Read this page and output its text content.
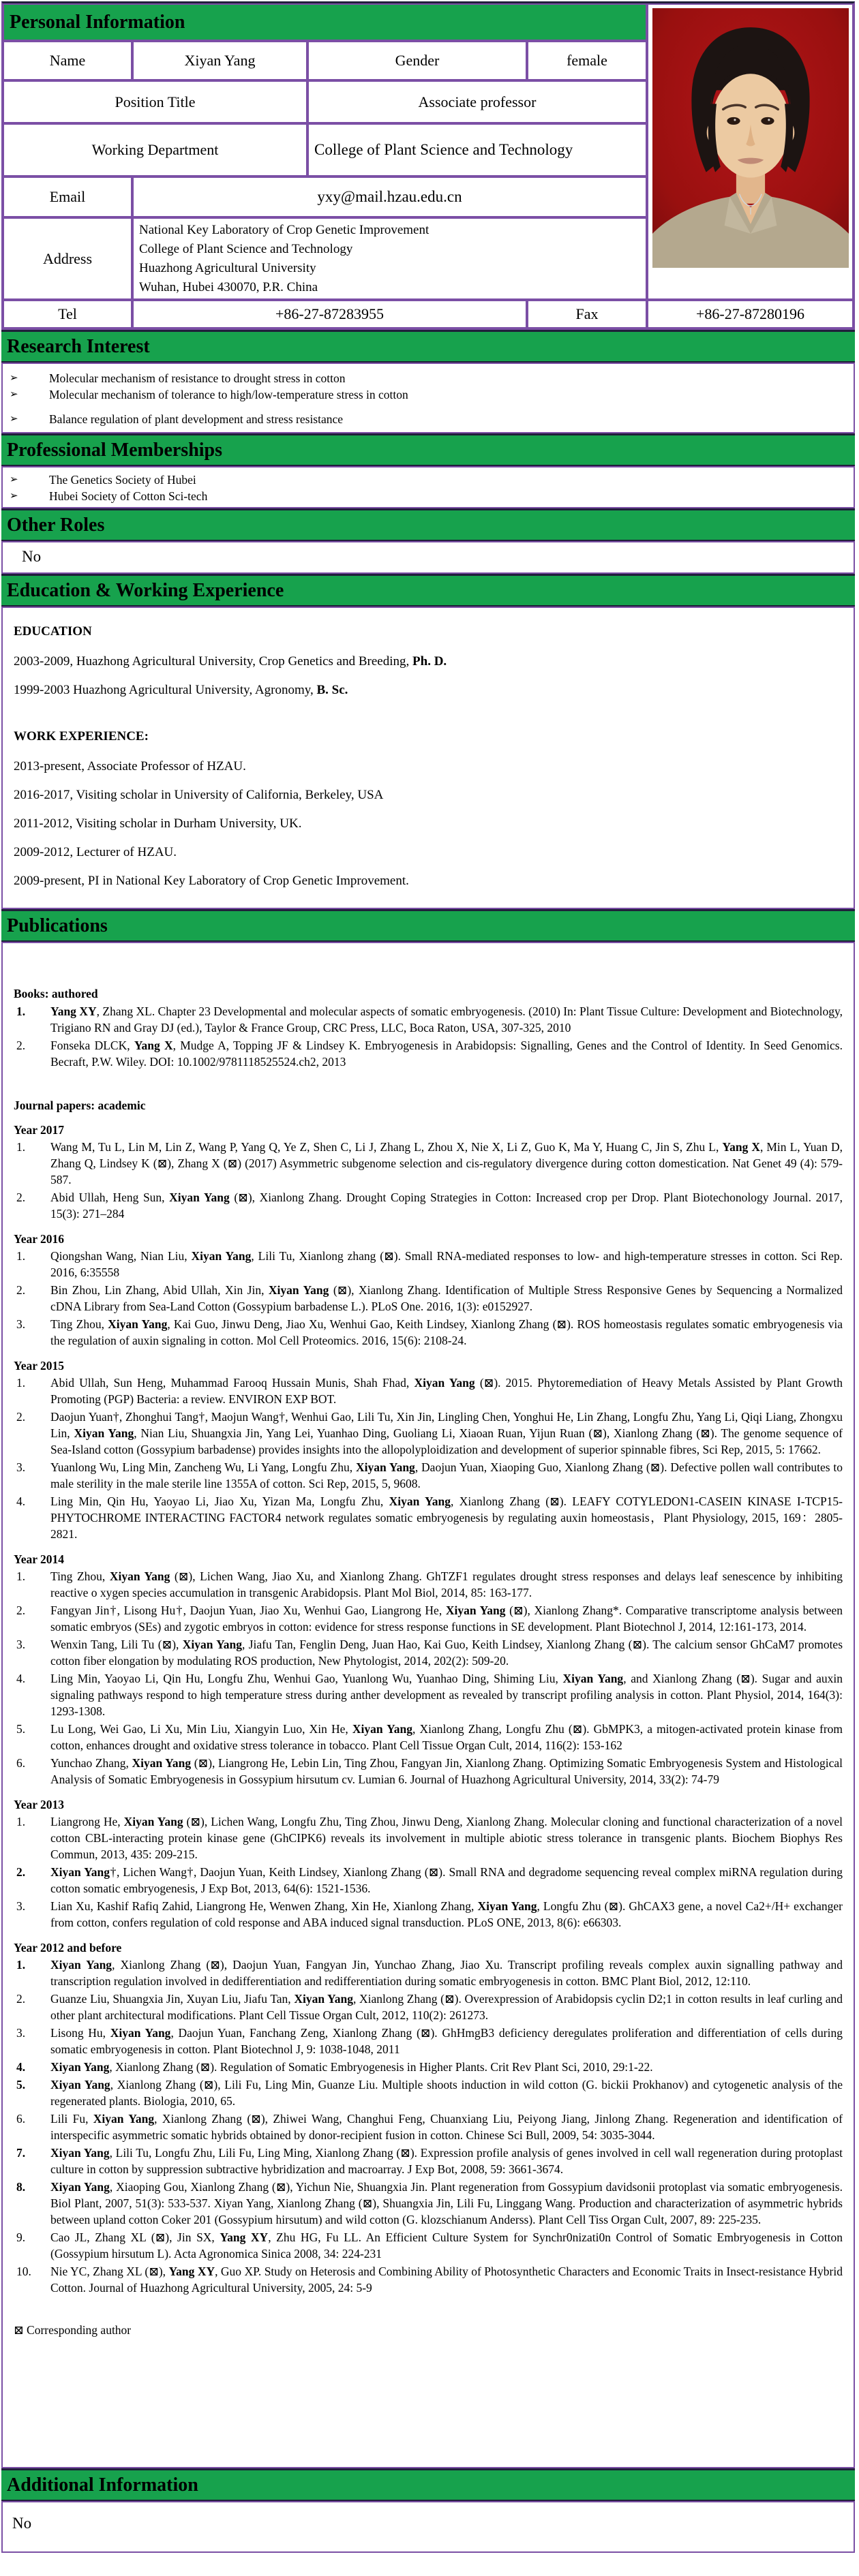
Personal Information
Name	Xiyan Yang	Gender	female
Position Title	Associate professor
Working Department	College of Plant Science and Technology
Email	yxy@mail.hzau.edu.cn
Address
National Key Laboratory of Crop Genetic Improvement
College of Plant Science and Technology
Huazhong Agricultural University
Wuhan, Hubei 430070, P.R. China
Tel	+86-27-87283955	Fax	+86-27-87280196
Research Interest
➢	Molecular mechanism of resistance to drought stress in cotton
➢	Molecular mechanism of tolerance to high/low-temperature stress in cotton
➢	Balance regulation of plant development and stress resistance
Professional Memberships
➢	The Genetics Society of Hubei
➢	Hubei Society of Cotton Sci-tech
Other Roles

No

Education & Working Experience

EDUCATION

2003-2009, Huazhong Agricultural University, Crop Genetics and Breeding, Ph. D.

1999-2003 Huazhong Agricultural University, Agronomy, B. Sc.

WORK EXPERIENCE:

2013-present, Associate Professor of HZAU.

2016-2017, Visiting scholar in University of California, Berkeley, USA

2011-2012, Visiting scholar in Durham University, UK.

2009-2012, Lecturer of HZAU.

2009-present, PI in National Key Laboratory of Crop Genetic Improvement.

Publications

Books: authored

1.	Yang XY, Zhang XL. Chapter 23 Developmental and molecular aspects of somatic embryogenesis. (2010) In: Plant Tissue Culture: Development and Biotechnology, Trigiano RN and Gray DJ (ed.), Taylor & France Group, CRC Press, LLC, Boca Raton, USA, 307-325, 2010
2.	Fonseka DLCK, Yang X, Mudge A, Topping JF & Lindsey K. Embryogenesis in Arabidopsis: Signalling, Genes and the Control of Identity. In Seed Genomics. Becraft, P.W. Wiley. DOI: 10.1002/9781118525524.ch2, 2013

Journal papers: academic

Year 2017

1.	Wang M, Tu L, Lin M, Lin Z, Wang P, Yang Q, Ye Z, Shen C, Li J, Zhang L, Zhou X, Nie X, Li Z, Guo K, Ma Y, Huang C, Jin S, Zhu L, Yang X, Min L, Yuan D, Zhang Q, Lindsey K (⊠), Zhang X (⊠) (2017) Asymmetric subgenome selection and cis-regulatory divergence during cotton domestication. Nat Genet 49 (4): 579-587.
2.	Abid Ullah, Heng Sun, Xiyan Yang (⊠), Xianlong Zhang. Drought Coping Strategies in Cotton: Increased crop per Drop. Plant Biotechonology Journal. 2017, 15(3): 271–284

Year 2016

1.	Qiongshan Wang, Nian Liu, Xiyan Yang, Lili Tu, Xianlong zhang (⊠). Small RNA-mediated responses to low- and high-temperature stresses in cotton. Sci Rep. 2016, 6:35558
2.	Bin Zhou, Lin Zhang, Abid Ullah, Xin Jin, Xiyan Yang (⊠), Xianlong Zhang. Identification of Multiple Stress Responsive Genes by Sequencing a Normalized cDNA Library from Sea-Land Cotton (Gossypium barbadense L.). PLoS One. 2016, 1(3): e0152927.
3.	Ting Zhou, Xiyan Yang, Kai Guo, Jinwu Deng, Jiao Xu, Wenhui Gao, Keith Lindsey, Xianlong Zhang (⊠). ROS homeostasis regulates somatic embryogenesis via the regulation of auxin signaling in cotton. Mol Cell Proteomics. 2016, 15(6): 2108-24.

Year 2015

1.	Abid Ullah, Sun Heng, Muhammad Farooq Hussain Munis, Shah Fhad, Xiyan Yang (⊠). 2015. Phytoremediation of Heavy Metals Assisted by Plant Growth Promoting (PGP) Bacteria: a review. ENVIRON EXP BOT.
2.	Daojun Yuan†, Zhonghui Tang†, Maojun Wang†, Wenhui Gao, Lili Tu, Xin Jin, Lingling Chen, Yonghui He, Lin Zhang, Longfu Zhu, Yang Li, Qiqi Liang, Zhongxu Lin, Xiyan Yang, Nian Liu, Shuangxia Jin, Yang Lei, Yuanhao Ding, Guoliang Li, Xiaoan Ruan, Yijun Ruan (⊠), Xianlong Zhang (⊠). The genome sequence of Sea-Island cotton (Gossypium barbadense) provides insights into the allopolyploidization and development of superior spinnable fibres, Sci Rep, 2015, 5: 17662.
3.	Yuanlong Wu, Ling Min, Zancheng Wu, Li Yang, Longfu Zhu, Xiyan Yang, Daojun Yuan, Xiaoping Guo, Xianlong Zhang (⊠). Defective pollen wall contributes to male sterility in the male sterile line 1355A of cotton. Sci Rep, 2015, 5, 9608.
4.	Ling Min, Qin Hu, Yaoyao Li, Jiao Xu, Yizan Ma, Longfu Zhu, Xiyan Yang, Xianlong Zhang (⊠). LEAFY COTYLEDON1-CASEIN KINASE I-TCP15-PHYTOCHROME INTERACTING FACTOR4 network regulates somatic embryogenesis by regulating auxin homeostasis，Plant Physiology, 2015, 169：2805-2821.

Year 2014

1.	Ting Zhou, Xiyan Yang (⊠), Lichen Wang, Jiao Xu, and Xianlong Zhang. GhTZF1 regulates drought stress responses and delays leaf senescence by inhibiting reactive o xygen species accumulation in transgenic Arabidopsis. Plant Mol Biol, 2014, 85: 163-177.
2.	Fangyan Jin†, Lisong Hu†, Daojun Yuan, Jiao Xu, Wenhui Gao, Liangrong He, Xiyan Yang (⊠), Xianlong Zhang*. Comparative transcriptome analysis between somatic embryos (SEs) and zygotic embryos in cotton: evidence for stress response functions in SE development. Plant Biotechnol J, 2014, 12:161-173, 2014.
3.	Wenxin Tang, Lili Tu (⊠), Xiyan Yang, Jiafu Tan, Fenglin Deng, Juan Hao, Kai Guo, Keith Lindsey, Xianlong Zhang (⊠). The calcium sensor GhCaM7 promotes cotton fiber elongation by modulating ROS production, New Phytologist, 2014, 202(2): 509-20.
4.	Ling Min, Yaoyao Li, Qin Hu, Longfu Zhu, Wenhui Gao, Yuanlong Wu, Yuanhao Ding, Shiming Liu, Xiyan Yang, and Xianlong Zhang (⊠). Sugar and auxin signaling pathways respond to high temperature stress during anther development as revealed by transcript profiling analysis in cotton. Plant Physiol, 2014, 164(3): 1293-1308.
5.	Lu Long, Wei Gao, Li Xu, Min Liu, Xiangyin Luo, Xin He, Xiyan Yang, Xianlong Zhang, Longfu Zhu (⊠). GbMPK3, a mitogen-activated protein kinase from cotton, enhances drought and oxidative stress tolerance in tobacco. Plant Cell Tissue Organ Cult, 2014, 116(2): 153-162
6.	Yunchao Zhang, Xiyan Yang (⊠), Liangrong He, Lebin Lin, Ting Zhou, Fangyan Jin, Xianlong Zhang. Optimizing Somatic Embryogenesis System and Histological Analysis of Somatic Embryogenesis in Gossypium hirsutum cv. Lumian 6. Journal of Huazhong Agricultural University, 2014, 33(2): 74-79

Year 2013

1.	Liangrong He, Xiyan Yang (⊠), Lichen Wang, Longfu Zhu, Ting Zhou, Jinwu Deng, Xianlong Zhang. Molecular cloning and functional characterization of a novel cotton CBL-interacting protein kinase gene (GhCIPK6) reveals its involvement in multiple abiotic stress tolerance in transgenic plants. Biochem Biophys Res Commun, 2013, 435: 209-215.
2.	Xiyan Yang†, Lichen Wang†, Daojun Yuan, Keith Lindsey, Xianlong Zhang (⊠). Small RNA and degradome sequencing reveal complex miRNA regulation during cotton somatic embryogenesis, J Exp Bot, 2013, 64(6): 1521-1536.
3.	Lian Xu, Kashif Rafiq Zahid, Liangrong He, Wenwen Zhang, Xin He, Xianlong Zhang, Xiyan Yang, Longfu Zhu (⊠). GhCAX3 gene, a novel Ca2+/H+ exchanger from cotton, confers regulation of cold response and ABA induced signal transduction. PLoS ONE, 2013, 8(6): e66303.

Year 2012 and before

1.	Xiyan Yang, Xianlong Zhang (⊠), Daojun Yuan, Fangyan Jin, Yunchao Zhang, Jiao Xu. Transcript profiling reveals complex auxin signalling pathway and transcription regulation involved in dedifferentiation and redifferentiation during somatic embryogenesis in cotton. BMC Plant Biol, 2012, 12:110.
2.	Guanze Liu, Shuangxia Jin, Xuyan Liu, Jiafu Tan, Xiyan Yang, Xianlong Zhang (⊠). Overexpression of Arabidopsis cyclin D2;1 in cotton results in leaf curling and other plant architectural modifications. Plant Cell Tissue Organ Cult, 2012, 110(2): 261273.
3.	Lisong Hu, Xiyan Yang, Daojun Yuan, Fanchang Zeng, Xianlong Zhang (⊠). GhHmgB3 deficiency deregulates proliferation and differentiation of cells during somatic embryogenesis in cotton. Plant Biotechnol J, 9: 1038-1048, 2011
4.	Xiyan Yang, Xianlong Zhang (⊠). Regulation of Somatic Embryogenesis in Higher Plants. Crit Rev Plant Sci, 2010, 29:1-22.
5.	Xiyan Yang, Xianlong Zhang (⊠), Lili Fu, Ling Min, Guanze Liu. Multiple shoots induction in wild cotton (G. bickii Prokhanov) and cytogenetic analysis of the regenerated plants. Biologia, 2010, 65.
6.	Lili Fu, Xiyan Yang, Xianlong Zhang (⊠), Zhiwei Wang, Changhui Feng, Chuanxiang Liu, Peiyong Jiang, Jinlong Zhang. Regeneration and identification of interspecific asymmetric somatic hybrids obtained by donor-recipient fusion in cotton. Chinese Sci Bull, 2009, 54: 3035-3044.
7.	Xiyan Yang, Lili Tu, Longfu Zhu, Lili Fu, Ling Ming, Xianlong Zhang (⊠). Expression profile analysis of genes involved in cell wall regeneration during protoplast culture in cotton by suppression subtractive hybridization and macroarray. J Exp Bot, 2008, 59: 3661-3674.
8.	Xiyan Yang, Xiaoping Gou, Xianlong Zhang (⊠), Yichun Nie, Shuangxia Jin. Plant regeneration from Gossypium davidsonii protoplast via somatic embryogenesis. Biol Plant, 2007, 51(3): 533-537. Xiyan Yang, Xianlong Zhang (⊠), Shuangxia Jin, Lili Fu, Linggang Wang. Production and characterization of asymmetric hybrids between upland cotton Coker 201 (Gossypium hirsutum) and wild cotton (G. klozschianum Anderss). Plant Cell Tiss Organ Cult, 2007, 89: 225-235.
9.	Cao JL, Zhang XL (⊠), Jin SX, Yang XY, Zhu HG, Fu LL. An Efficient Culture System for Synchr0nizati0n Control of Somatic Embryogenesis in Cotton (Gossypium hirsutum L). Acta Agronomica Sinica 2008, 34: 224-231
10.	Nie YC, Zhang XL (⊠), Yang XY, Guo XP. Study on Heterosis and Combining Ability of Photosynthetic Characters and Economic Traits in Insect-resistance Hybrid Cotton. Journal of Huazhong Agricultural University, 2005, 24: 5-9

⊠ Corresponding author

Additional Information

No
